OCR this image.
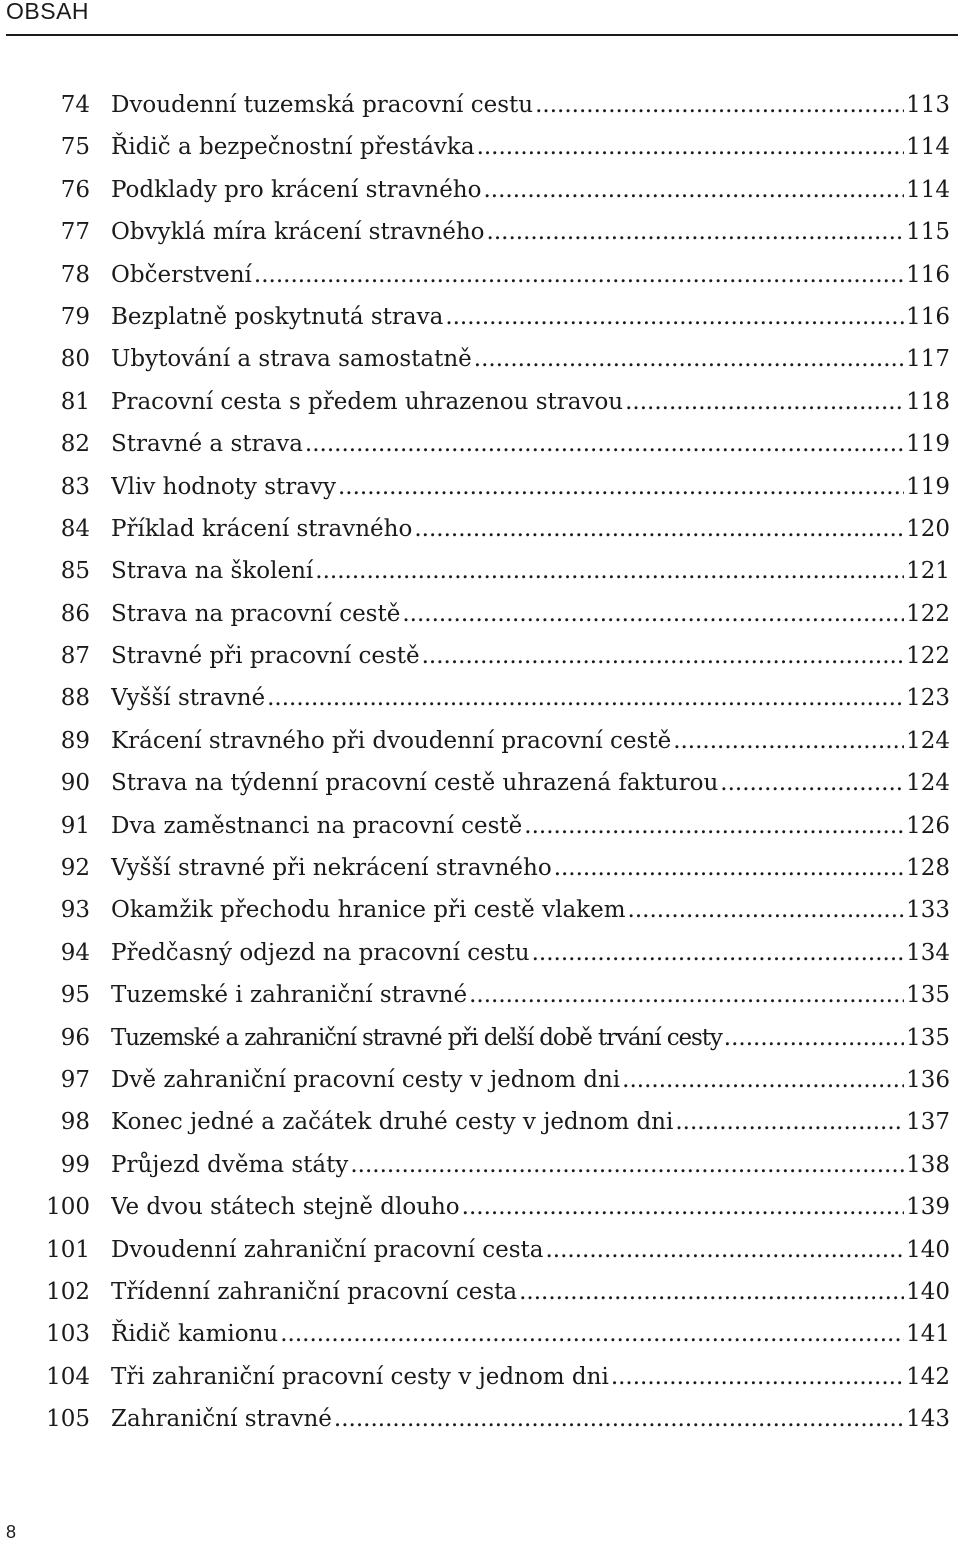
OBSAH
74 Dvoudenní tuzemská pracovní cestu .....	113
75 Řidič a bezpečnostní přestávka .....	114
76 Podklady pro krácení stravného .....	114
77 Obvyklá míra krácení stravného .....	115
78 Občerstvení .....	116
79 Bezplatně poskytnutá strava .....	116
80 Ubytování a strava samostatně .....	117
81 Pracovní cesta s předem uhrazenou stravou .....	118
82 Stravné a strava .....	119
83 Vliv hodnoty stravy .....	119
84 Příklad krácení stravného .....	120
85 Strava na školení .....	121
86 Strava na pracovní cestě .....	122
87 Stravné při pracovní cestě .....	122
88 Vyšší stravné .....	123
89 Krácení stravného při dvoudenní pracovní cestě .....	124
90 Strava na týdenní pracovní cestě uhrazená fakturou .....	124
91 Dva zaměstnanci na pracovní cestě .....	126
92 Vyšší stravné při nekrácení stravného .....	128
93 Okamžik přechodu hranice při cestě vlakem .....	133
94 Předčasný odjezd na pracovní cestu .....	134
95 Tuzemské i zahraniční stravné .....	135
96 Tuzemské a zahraniční stravné při delší době trvání cesty .....	135
97 Dvě zahraniční pracovní cesty v jednom dni .....	136
98 Konec jedné a začátek druhé cesty v jednom dni .....	137
99 Průjezd dvěma státy .....	138
100 Ve dvou státech stejně dlouho .....	139
101 Dvoudenní zahraniční pracovní cesta .....	140
102 Třídenní zahraniční pracovní cesta .....	140
103 Řidič kamionu .....	141
104 Tři zahraniční pracovní cesty v jednom dni .....	142
105 Zahraniční stravné .....	143
8
